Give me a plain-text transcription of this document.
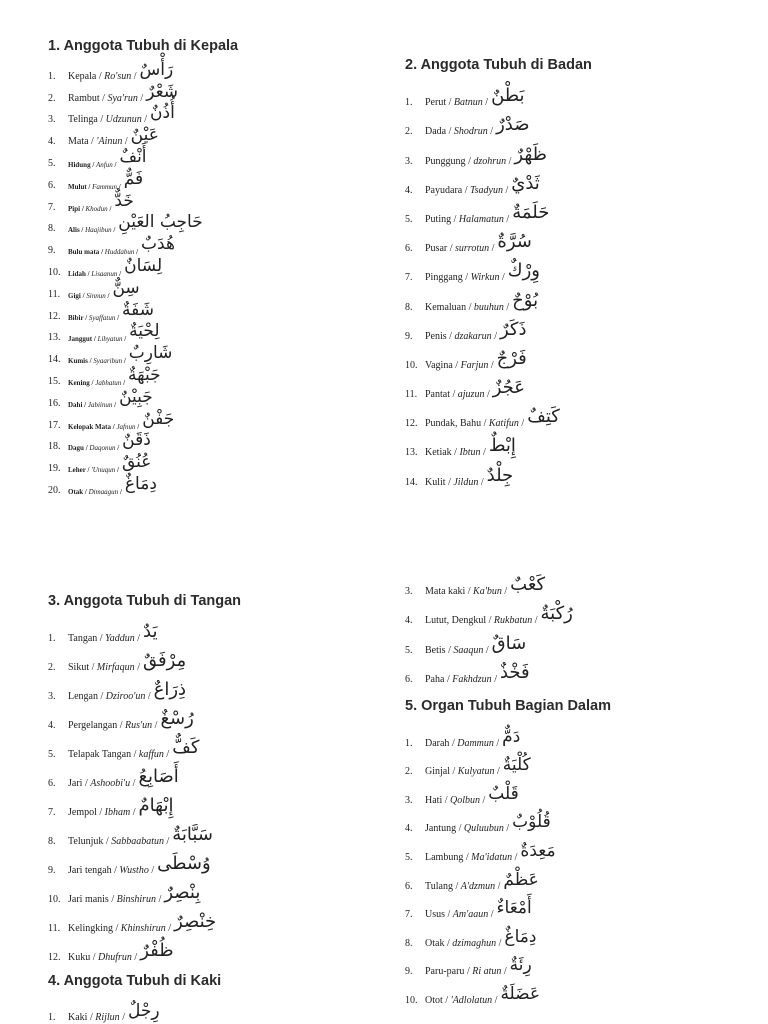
1. Anggota Tubuh di Kepala
1.	Kepala / Ro'sun / رَأْسٌ
2.	Rambut / Sya'run / شَعْرٌ
3.	Telinga / Udzunun / أُذُنٌ
4.	Mata / 'Ainun / عَيْنٌ
5.	Hidung / Anfun / أَنْفٌ
6.	Mulut / Fammun / فَمٌّ
7.	Pipi / Khodun / خَدٌّ
8.	Alis / Haajibun / حَاجِبُ العَيْنِ
9.	Bulu mata / Huddabun / هُدَبٌ
10.	Lidah / Lisaanun / لِسَانٌ
11.	Gigi / Sinnun / سِنٌّ
12.	Bibir / Syaffatun / شَفَةٌ
13.	Janggut / Lihyatun / لِحْيَةٌ
14.	Kumis / Syaaribun / شَارِبٌ
15.	Kening / Jabhatun / جَبْهَةٌ
16.	Dahi / Jabiinun / جَبِيْنٌ
17.	Kelopak Mata / Jafnun / جَفْنٌ
18.	Dagu / Daqonun / ذَقَنٌ
19.	Leher / 'Unuqun / عُنُقٌ
20.	Otak / Dimaagun / دِمَاغٌ
2. Anggota Tubuh di Badan
1.	Perut / Batnun / بَطْنٌ
2.	Dada / Shodrun / صَدْرٌ
3.	Punggung / dzohrun / ظَهْرٌ
4.	Payudara / Tsadyun / ثَدْيٌ
5.	Puting / Halamatun / حَلَمَةٌ
6.	Pusar / surrotun / سُرَّةٌ
7.	Pinggang / Wirkun / وِرْكٌ
8.	Kemaluan / buuhun / بُوْحٌ
9.	Penis / dzakarun / ذَكَرٌ
10. Vagina / Farjun / فَرْجٌ
11. Pantat / ajuzun / عَجُزٌ
12. Pundak, Bahu / Katifun / كَتِفٌ
13. Ketiak / Ibtun / إِبْطٌ
14. Kulit / Jildun / جِلْدٌ
3.	Mata kaki / Ka'bun / كَعْبٌ
4.	Lutut, Dengkul / Rukbatun / رُكْبَةٌ
5.	Betis / Saaqun / سَاقٌ
6.	Paha / Fakhdzun / فَخْذٌ
3. Anggota Tubuh di Tangan
1.	Tangan / Yaddun / يَدٌ
2.	Sikut / Mirfaqun / مِرْفَقٌ
3.	Lengan / Dziroo'un / ذِرَاعٌ
4.	Pergelangan / Rus'un / رُسْغٌ
5.	Telapak Tangan / kaffun / كَفٌّ
6.	Jari / Ashoobi'u / أَصَابِعُ
7.	Jempol / Ibham / إِبْهَامٌ
8.	Telunjuk / Sabbaabatun / سَبَّابَةٌ
9.	Jari tengah / Wustho / وُسْطَى
10. Jari manis / Binshirun / بِنْصِرٌ
11. Kelingking / Khinshirun / خِنْصِرٌ
12. Kuku / Dhufrun / ظُفْرٌ
4. Anggota Tubuh di Kaki
1.	Kaki / Rijlun / رِجْلٌ
5. Organ Tubuh Bagian Dalam
1.	Darah / Dammun / دَمٌّ
2.	Ginjal / Kulyatun / كُلْيَةٌ
3.	Hati / Qolbun / قَلْبٌ
4.	Jantung / Quluubun / قُلُوْبٌ
5.	Lambung / Ma'idatun / مَعِدَةٌ
6.	Tulang / A'dzmun / عَظْمٌ
7.	Usus / Am'aaun / أَمْعَاءٌ
8.	Otak / dzimaghun / دِمَاغٌ
9.	Paru-paru / Ri atun / رِئَةٌ
10. Otot / 'Adlolatun / عَضَلَةٌ
